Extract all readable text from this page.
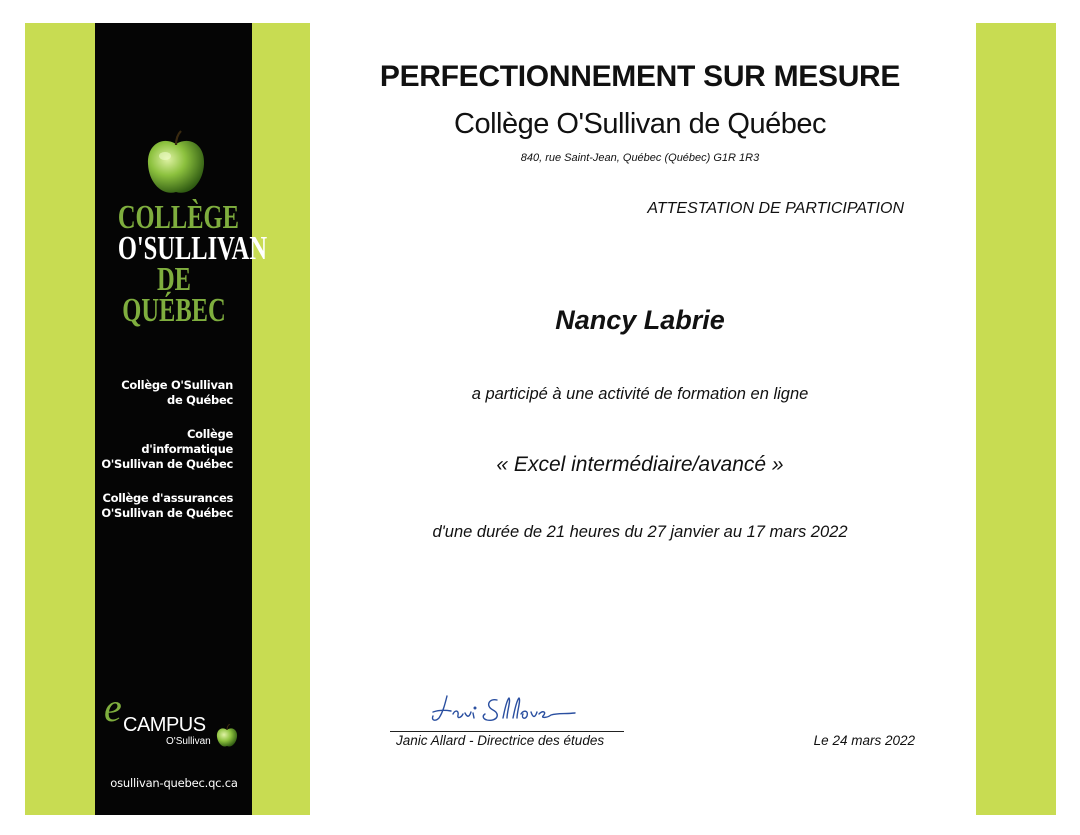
COLLÈGE
O'SULLIVAN
DE QUÉBEC
Collège O'Sullivan
de Québec
Collège d'informatique
O'Sullivan de Québec
Collège d'assurances
O'Sullivan de Québec
e CAMPUS
O'Sullivan
osullivan-quebec.qc.ca
PERFECTIONNEMENT SUR MESURE
Collège O'Sullivan de Québec
840, rue Saint-Jean, Québec (Québec) G1R 1R3
ATTESTATION DE PARTICIPATION
Nancy Labrie
a participé à une activité de formation en ligne
« Excel intermédiaire/avancé »
d'une durée de 21 heures du 27 janvier au 17 mars 2022
Janic Allard - Directrice des études	Le 24 mars 2022
